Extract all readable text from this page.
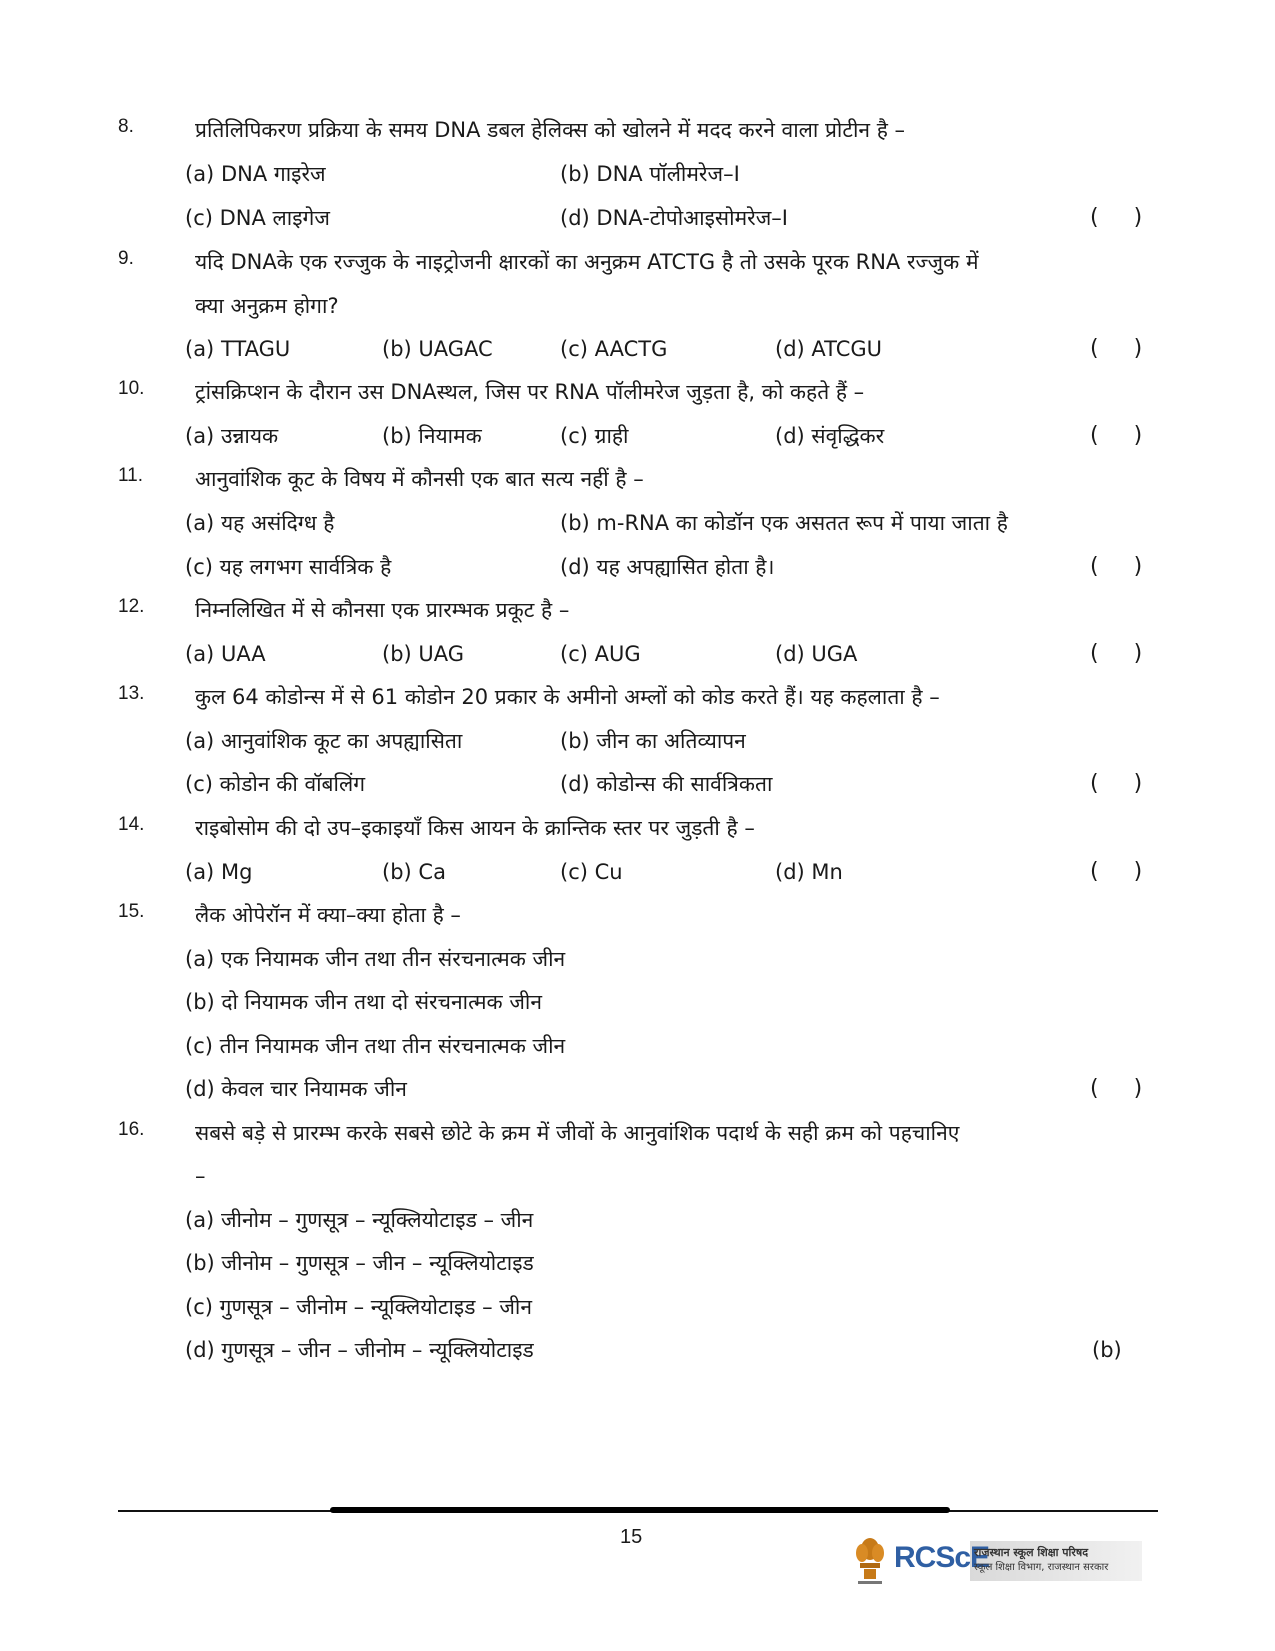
8.	प्रतिलिपिकरण प्रक्रिया के समय DNA डबल हेलिक्स को खोलने में मदद करने वाला प्रोटीन है –
(a) DNA गाइरेज	(b) DNA पॉलीमरेज–I
(c) DNA लाइगेज	(d) DNA-टोपोआइसोमरेज–I	( )
9.	यदि DNAके एक रज्जुक के नाइट्रोजनी क्षारकों का अनुक्रम ATCTG है तो उसके पूरक RNA रज्जुक में
क्या अनुक्रम होगा?
(a) TTAGU	(b) UAGAC	(c) AACTG	(d) ATCGU	( )
10. ट्रांसक्रिप्शन के दौरान उस DNAस्थल, जिस पर RNA पॉलीमरेज जुड़ता है, को कहते हैं –
(a) उन्नायक	(b) नियामक	(c) ग्राही	(d) संवृद्धिकर	( )
11. आनुवांशिक कूट के विषय में कौनसी एक बात सत्य नहीं है –
(a) यह असंदिग्ध है	(b) m-RNA का कोडॉन एक असतत रूप में पाया जाता है
(c) यह लगभग सार्वत्रिक है	(d) यह अपह्यासित होता है।	( )
12. निम्नलिखित में से कौनसा एक प्रारम्भक प्रकूट है –
(a) UAA	(b) UAG	(c) AUG	(d) UGA	( )
13. कुल 64 कोडोन्स में से 61 कोडोन 20 प्रकार के अमीनो अम्लों को कोड करते हैं। यह कहलाता है –
(a) आनुवांशिक कूट का अपह्यासिता	(b) जीन का अतिव्यापन
(c) कोडोन की वॉबलिंग	(d) कोडोन्स की सार्वत्रिकता	( )
14. राइबोसोम की दो उप–इकाइयाँ किस आयन के क्रान्तिक स्तर पर जुड़ती है –
(a) Mg	(b) Ca	(c) Cu	(d) Mn	( )
15. लैक ओपेरॉन में क्या–क्या होता है –
(a) एक नियामक जीन तथा तीन संरचनात्मक जीन
(b) दो नियामक जीन तथा दो संरचनात्मक जीन
(c) तीन नियामक जीन तथा तीन संरचनात्मक जीन
(d) केवल चार नियामक जीन	( )
16. सबसे बड़े से प्रारम्भ करके सबसे छोटे के क्रम में जीवों के आनुवांशिक पदार्थ के सही क्रम को पहचानिए
–
(a) जीनोम – गुणसूत्र – न्यूक्लियोटाइड – जीन
(b) जीनोम – गुणसूत्र – जीन – न्यूक्लियोटाइड
(c) गुणसूत्र – जीनोम – न्यूक्लियोटाइड – जीन
(d) गुणसूत्र – जीन – जीनोम – न्यूक्लियोटाइड	(b)
15
RCScE
राजस्थान स्कूल शिक्षा परिषद
स्कूल शिक्षा विभाग, राजस्थान सरकार
